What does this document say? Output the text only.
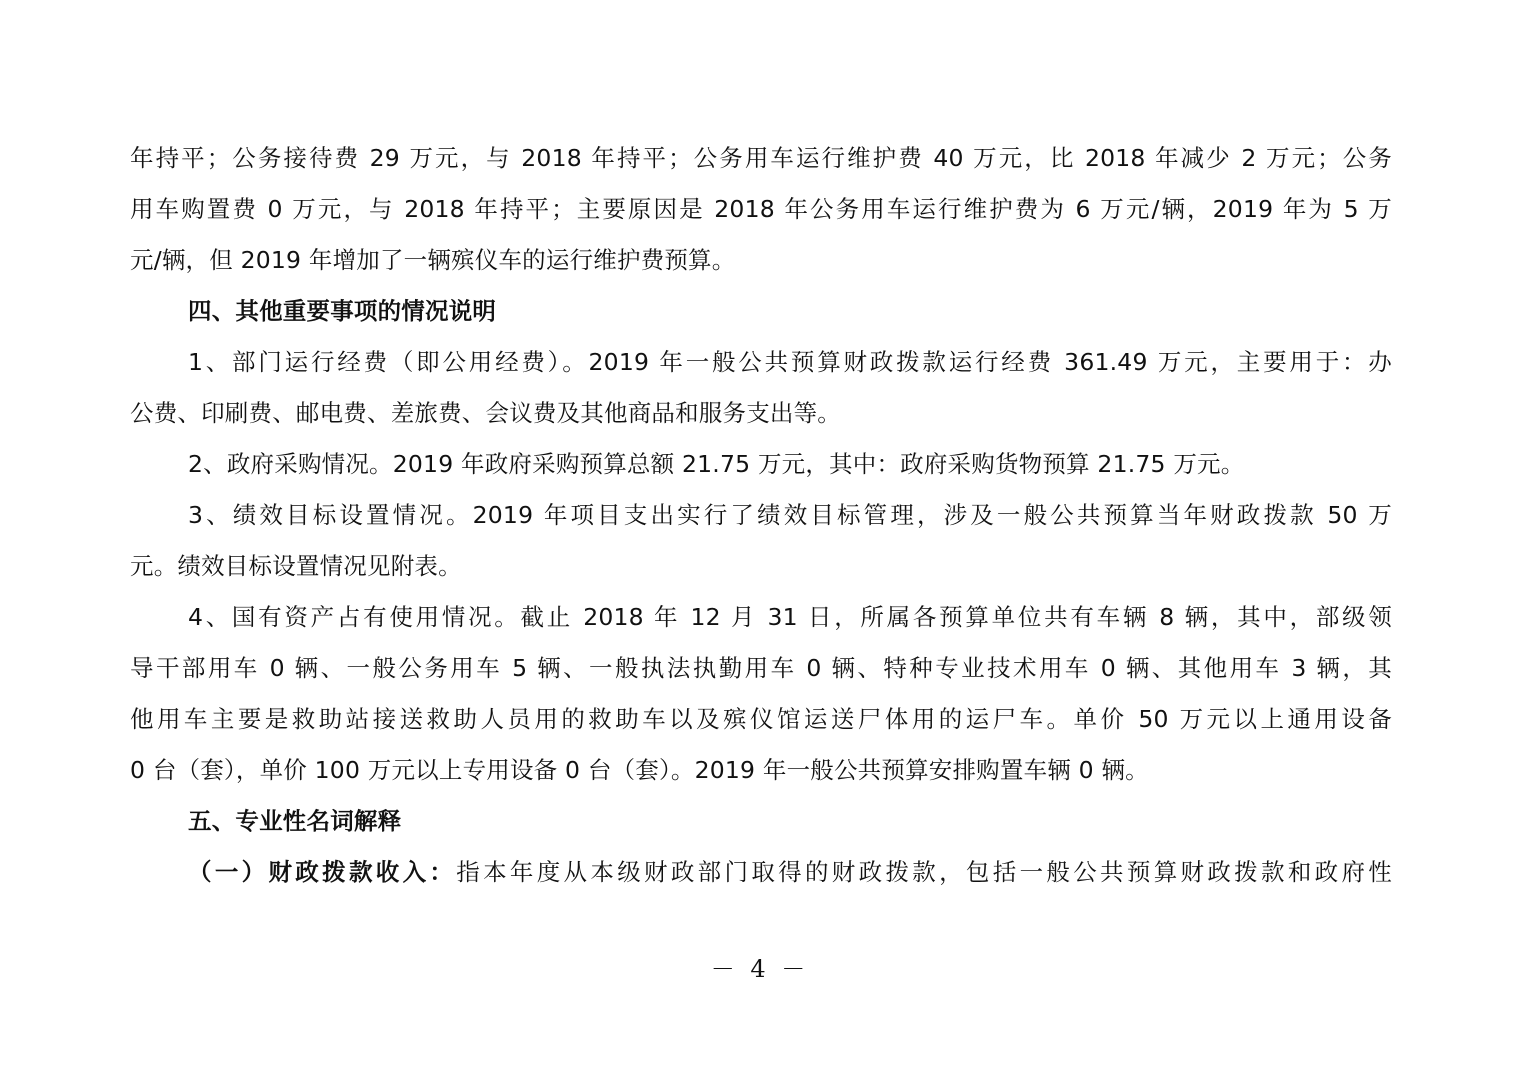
年持平；公务接待费 29 万元，与 2018 年持平；公务用车运行维护费 40 万元，比 2018 年减少 2 万元；公务
用车购置费 0 万元，与 2018 年持平；主要原因是 2018 年公务用车运行维护费为 6 万元/辆，2019 年为 5 万
元/辆，但 2019 年增加了一辆殡仪车的运行维护费预算。
四、其他重要事项的情况说明
1、部门运行经费（即公用经费）。2019 年一般公共预算财政拨款运行经费 361.49 万元，主要用于：办
公费、印刷费、邮电费、差旅费、会议费及其他商品和服务支出等。
2、政府采购情况。2019 年政府采购预算总额 21.75 万元，其中：政府采购货物预算 21.75 万元。
3、绩效目标设置情况。2019 年项目支出实行了绩效目标管理，涉及一般公共预算当年财政拨款 50 万
元。绩效目标设置情况见附表。
4、国有资产占有使用情况。截止 2018 年 12 月 31 日，所属各预算单位共有车辆 8 辆，其中，部级领
导干部用车 0 辆、一般公务用车 5 辆、一般执法执勤用车 0 辆、特种专业技术用车 0 辆、其他用车 3 辆，其
他用车主要是救助站接送救助人员用的救助车以及殡仪馆运送尸体用的运尸车。单价 50 万元以上通用设备
0 台（套），单价 100 万元以上专用设备 0 台（套）。2019 年一般公共预算安排购置车辆 0 辆。
五、专业性名词解释
（一）财政拨款收入：指本年度从本级财政部门取得的财政拨款，包括一般公共预算财政拨款和政府性
－ 4 －
